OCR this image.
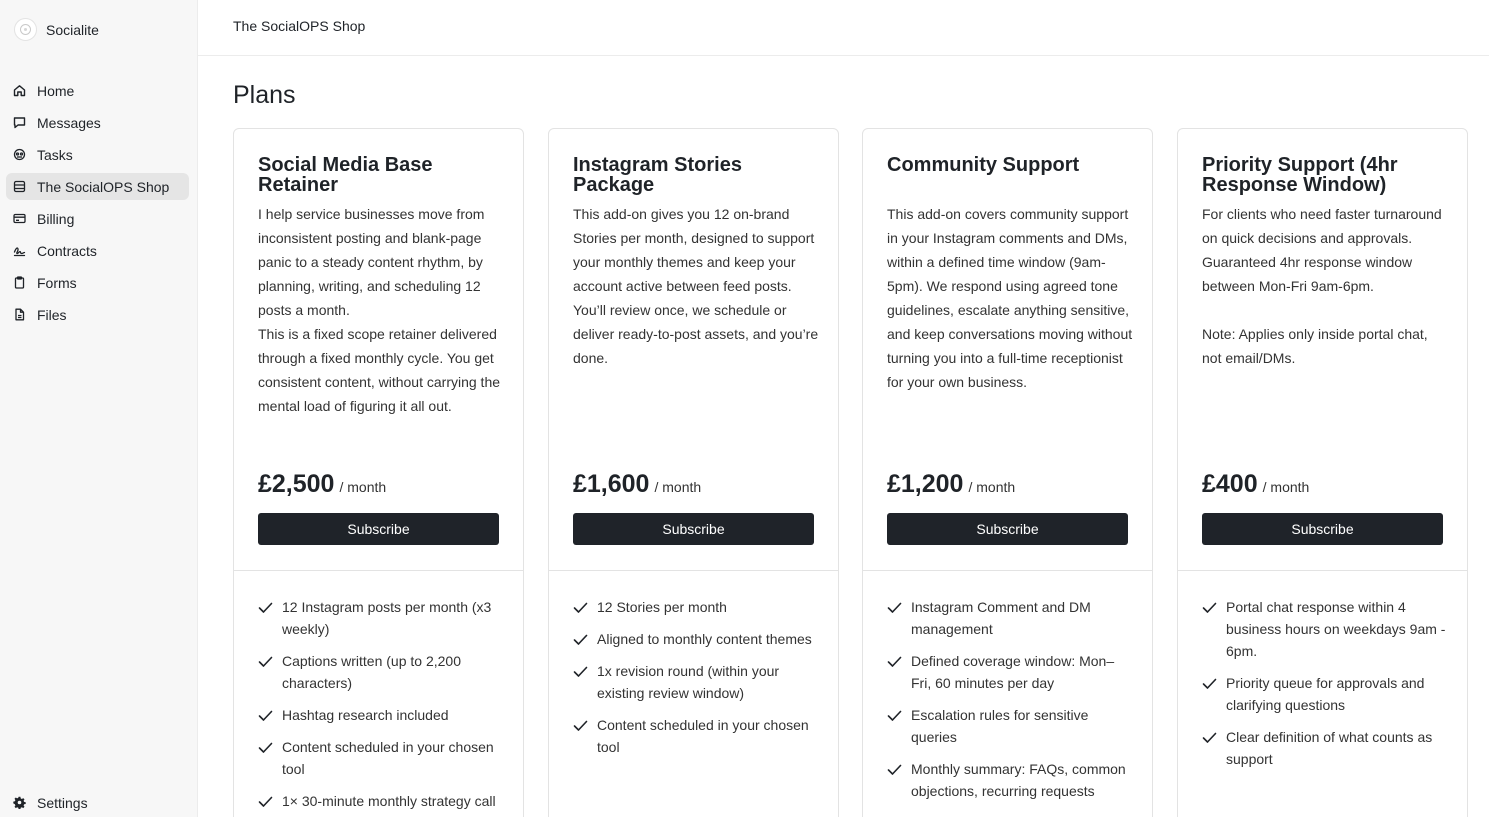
Socialite
Home
Messages
Tasks
The SocialOPS Shop
Billing
Contracts
Forms
Files
Settings
The SocialOPS Shop
Plans
Social Media Base Retainer

I help service businesses move from inconsistent posting and blank-page panic to a steady content rhythm, by planning, writing, and scheduling 12 posts a month.
This is a fixed scope retainer delivered through a fixed monthly cycle. You get consistent content, without carrying the mental load of figuring it all out.

£2,500 / month
Subscribe
12 Instagram posts per month (x3 weekly)
Captions written (up to 2,200 characters)
Hashtag research included
Content scheduled in your chosen tool
1× 30-minute monthly strategy call
Instagram Stories Package

This add-on gives you 12 on-brand Stories per month, designed to support your monthly themes and keep your account active between feed posts. You’ll review once, we schedule or deliver ready-to-post assets, and you’re done.

£1,600 / month
Subscribe
12 Stories per month
Aligned to monthly content themes
1x revision round (within your existing review window)
Content scheduled in your chosen tool
Community Support

This add-on covers community support in your Instagram comments and DMs, within a defined time window (9am-5pm). We respond using agreed tone guidelines, escalate anything sensitive, and keep conversations moving without turning you into a full-time receptionist for your own business.

£1,200 / month
Subscribe
Instagram Comment and DM management
Defined coverage window: Mon–Fri, 60 minutes per day
Escalation rules for sensitive queries
Monthly summary: FAQs, common objections, recurring requests
Priority Support (4hr Response Window)

For clients who need faster turnaround on quick decisions and approvals. Guaranteed 4hr response window between Mon-Fri 9am-6pm.

Note: Applies only inside portal chat, not email/DMs.

£400 / month
Subscribe
Portal chat response within 4 business hours on weekdays 9am - 6pm.
Priority queue for approvals and clarifying questions
Clear definition of what counts as support
